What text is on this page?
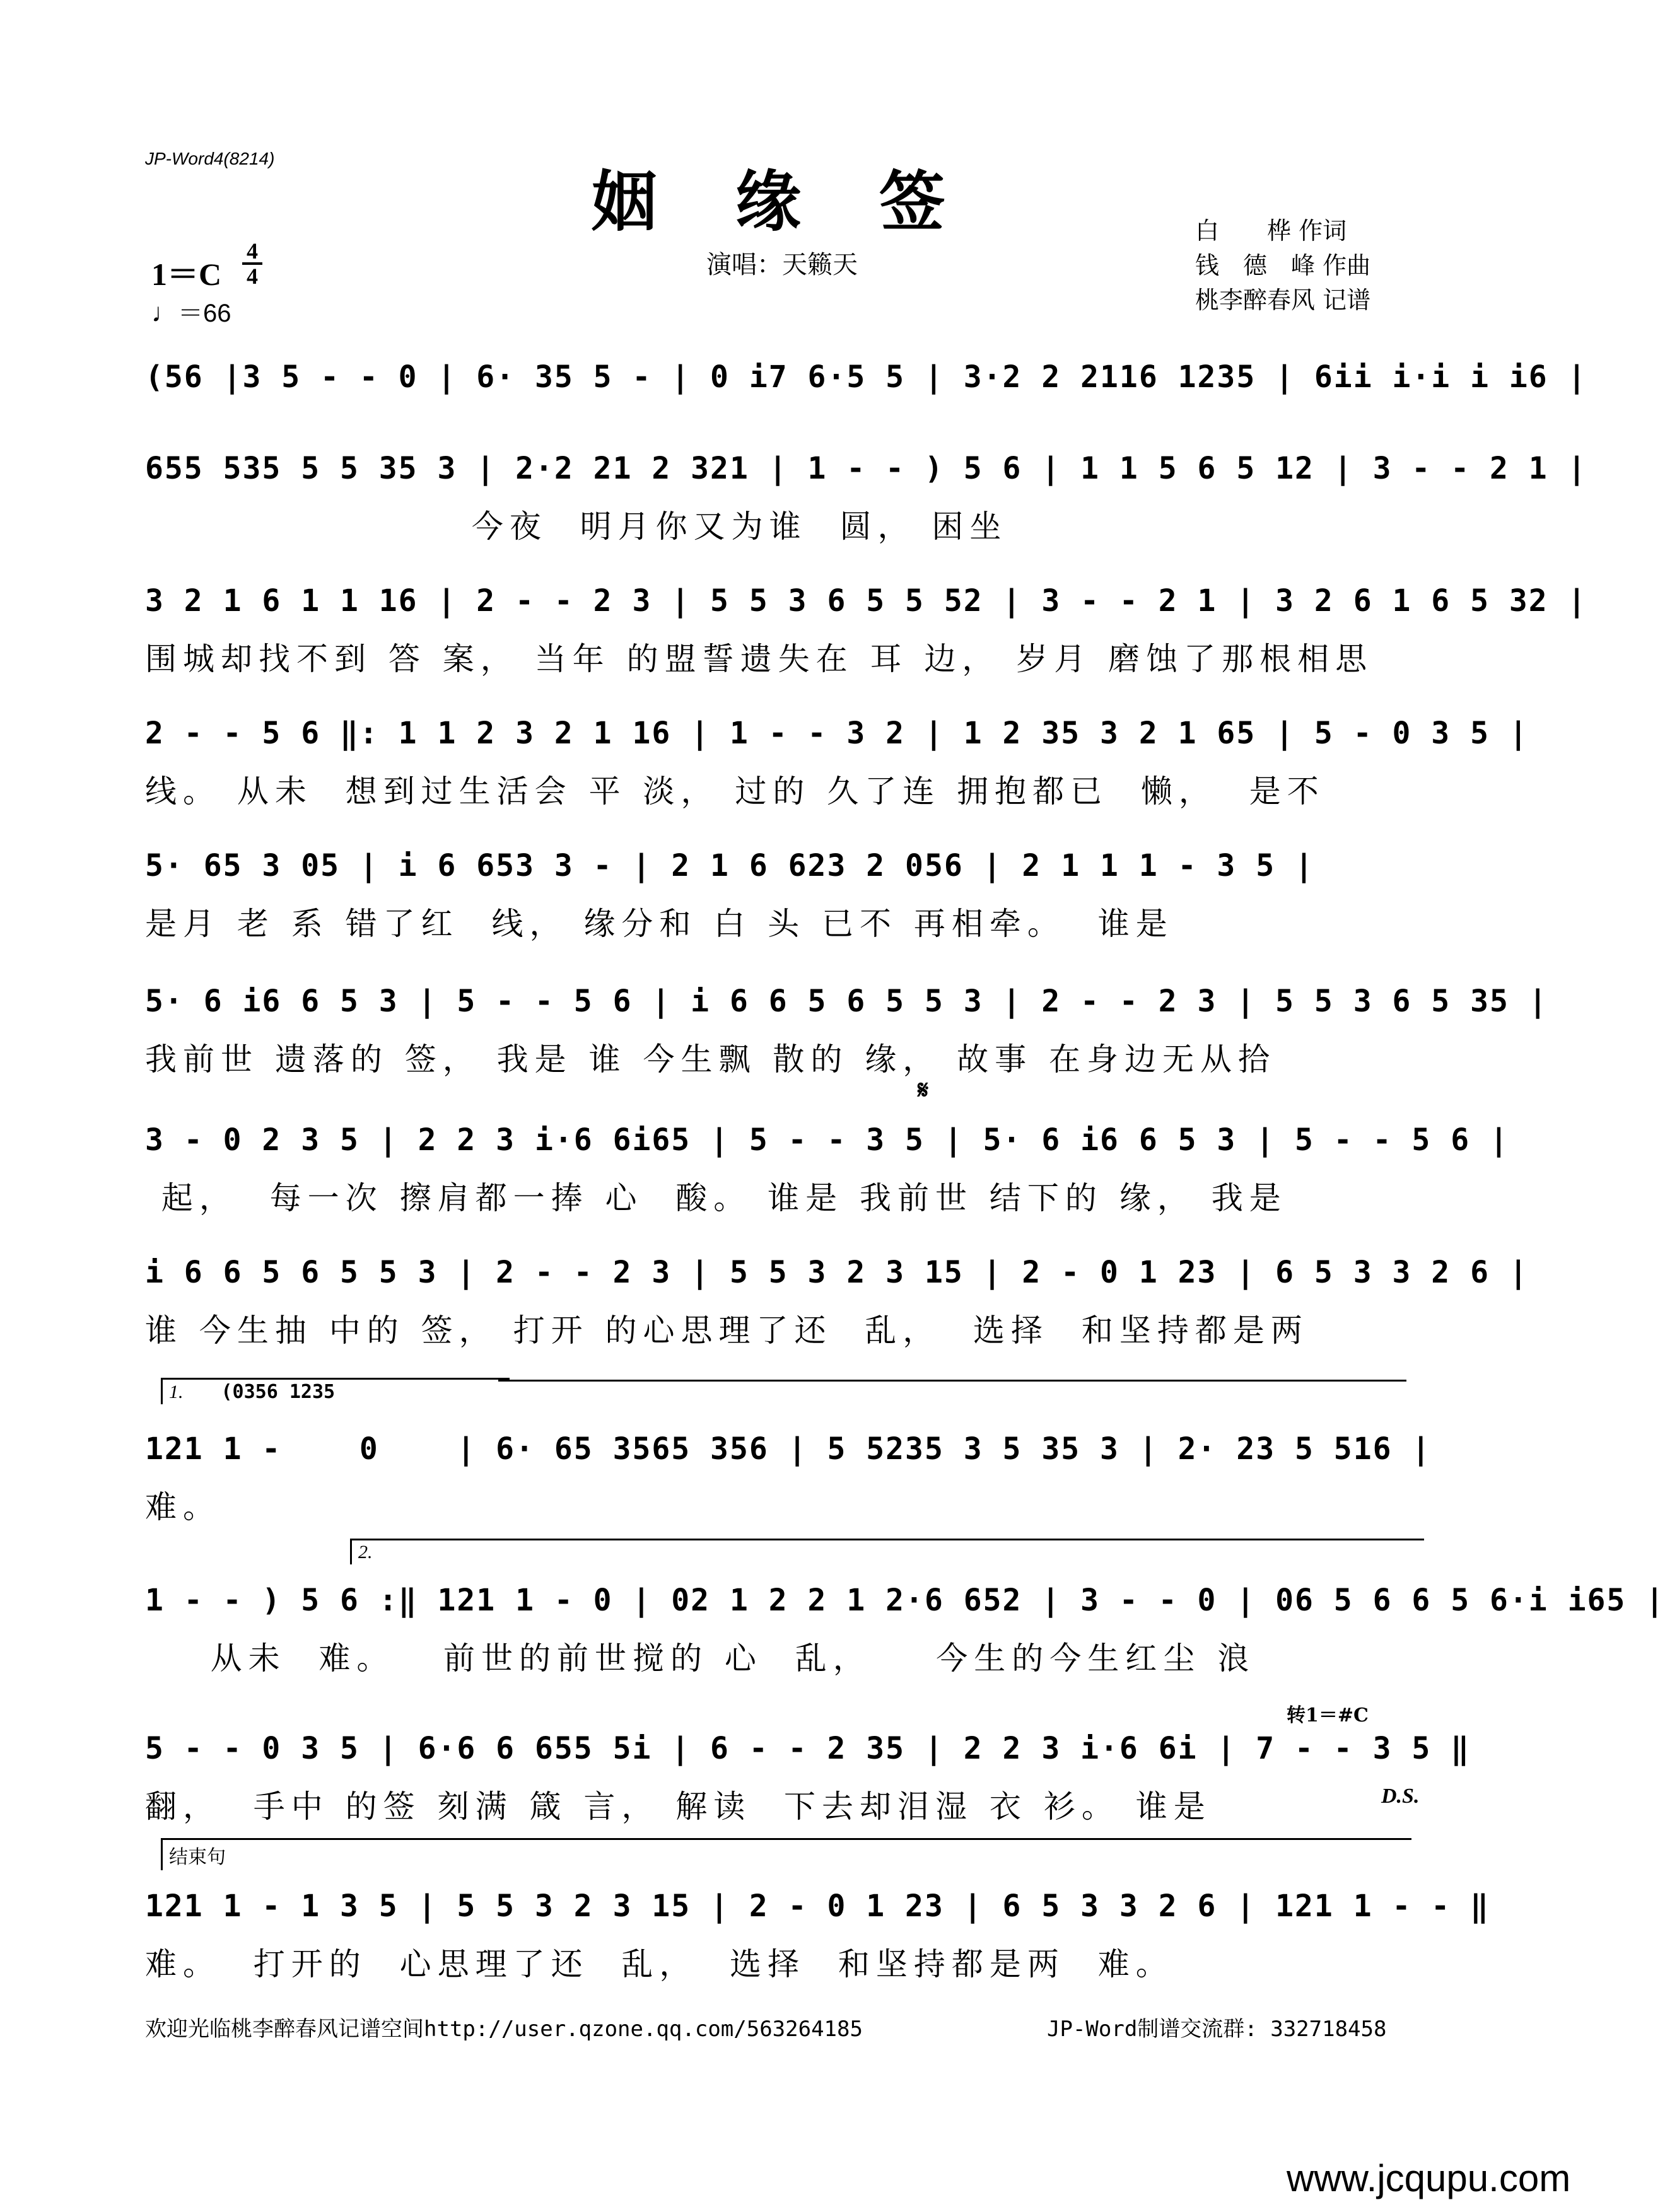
JP-Word4(8214)
姻 缘 签	白　　桦 作词
钱　德　峰 作曲
桃李醉春风 记谱
1＝C
4
4
♩＝66
演唱：天籁天
(56 |3 5 - - 0 | 6· 35 5 - | 0 i7 6·5 5 | 3·2 2 2116 1235 | 6ii i·i i i6 |
655 535 5 5 35 3 | 2·2 21 2 321 | 1 - - ) 5 6 | 1 1 5 6 5 12 | 3 - - 2 1 |
今夜  明月你又为谁  圆， 困坐
3 2 1 6 1 1 16 | 2 - - 2 3 | 5 5 3 6 5 5 52 | 3 - - 2 1 | 3 2 6 1 6 5 32 |
围城却找不到 答 案， 当年 的盟誓遗失在 耳 边， 岁月 磨蚀了那根相思
2 - - 5 6 ‖: 1 1 2 3 2 1 16 | 1 - - 3 2 | 1 2 35 3 2 1 65 | 5 - 0 3 5 |
线。 从未  想到过生活会 平 淡， 过的 久了连 拥抱都已  懒，  是不
5· 65 3 05 | i 6 653 3 - | 2 1 6 623 2 056 | 2 1 1 1 - 3 5 |
是月 老 系 错了红  线， 缘分和 白 头 已不 再相牵。  谁是
5· 6 i6 6 5 3 | 5 - - 5 6 | i 6 6 5 6 5 5 3 | 2 - - 2 3 | 5 5 3 6 5 35 |
我前世 遗落的 签， 我是 谁 今生飘 散的 缘， 故事 在身边无从拾
𝄋
3 - 0 2 3 5 | 2 2 3 i·6 6i65 | 5 - - 3 5 | 5· 6 i6 6 5 3 | 5 - - 5 6 |
起，  每一次 擦肩都一捧 心  酸。 谁是 我前世 结下的 缘， 我是
i 6 6 5 6 5 5 3 | 2 - - 2 3 | 5 5 3 2 3 15 | 2 - 0 1 23 | 6 5 3 3 2 6 |
谁 今生抽 中的 签， 打开 的心思理了还  乱，  选择  和坚持都是两
1. (0356 1235
121 1 -    0    | 6· 65 3565 356 | 5 5235 3 5 35 3 | 2· 23 5 516 |
难。
2.
1 - - ) 5 6 :‖ 121 1 - 0 | 02 1 2 2 1 2·6 652 | 3 - - 0 | 06 5 6 6 5 6·i i65 |
从未  难。   前世的前世搅的 心  乱，    今生的今生红尘 浪
转1＝#C
5 - - 0 3 5 | 6·6 6 655 5i | 6 - - 2 35 | 2 2 3 i·6 6i | 7 - - 3 5 ‖
翻，  手中 的签 刻满 箴 言， 解读  下去却泪湿 衣 衫。 谁是	D.S.
结束句
121 1 - 1 3 5 | 5 5 3 2 3 15 | 2 - 0 1 23 | 6 5 3 3 2 6 | 121 1 - - ‖
难。  打开的  心思理了还  乱，  选择  和坚持都是两  难。
欢迎光临桃李醉春风记谱空间http://user.qzone.qq.com/563264185	JP-Word制谱交流群: 332718458
www.jcqupu.com
